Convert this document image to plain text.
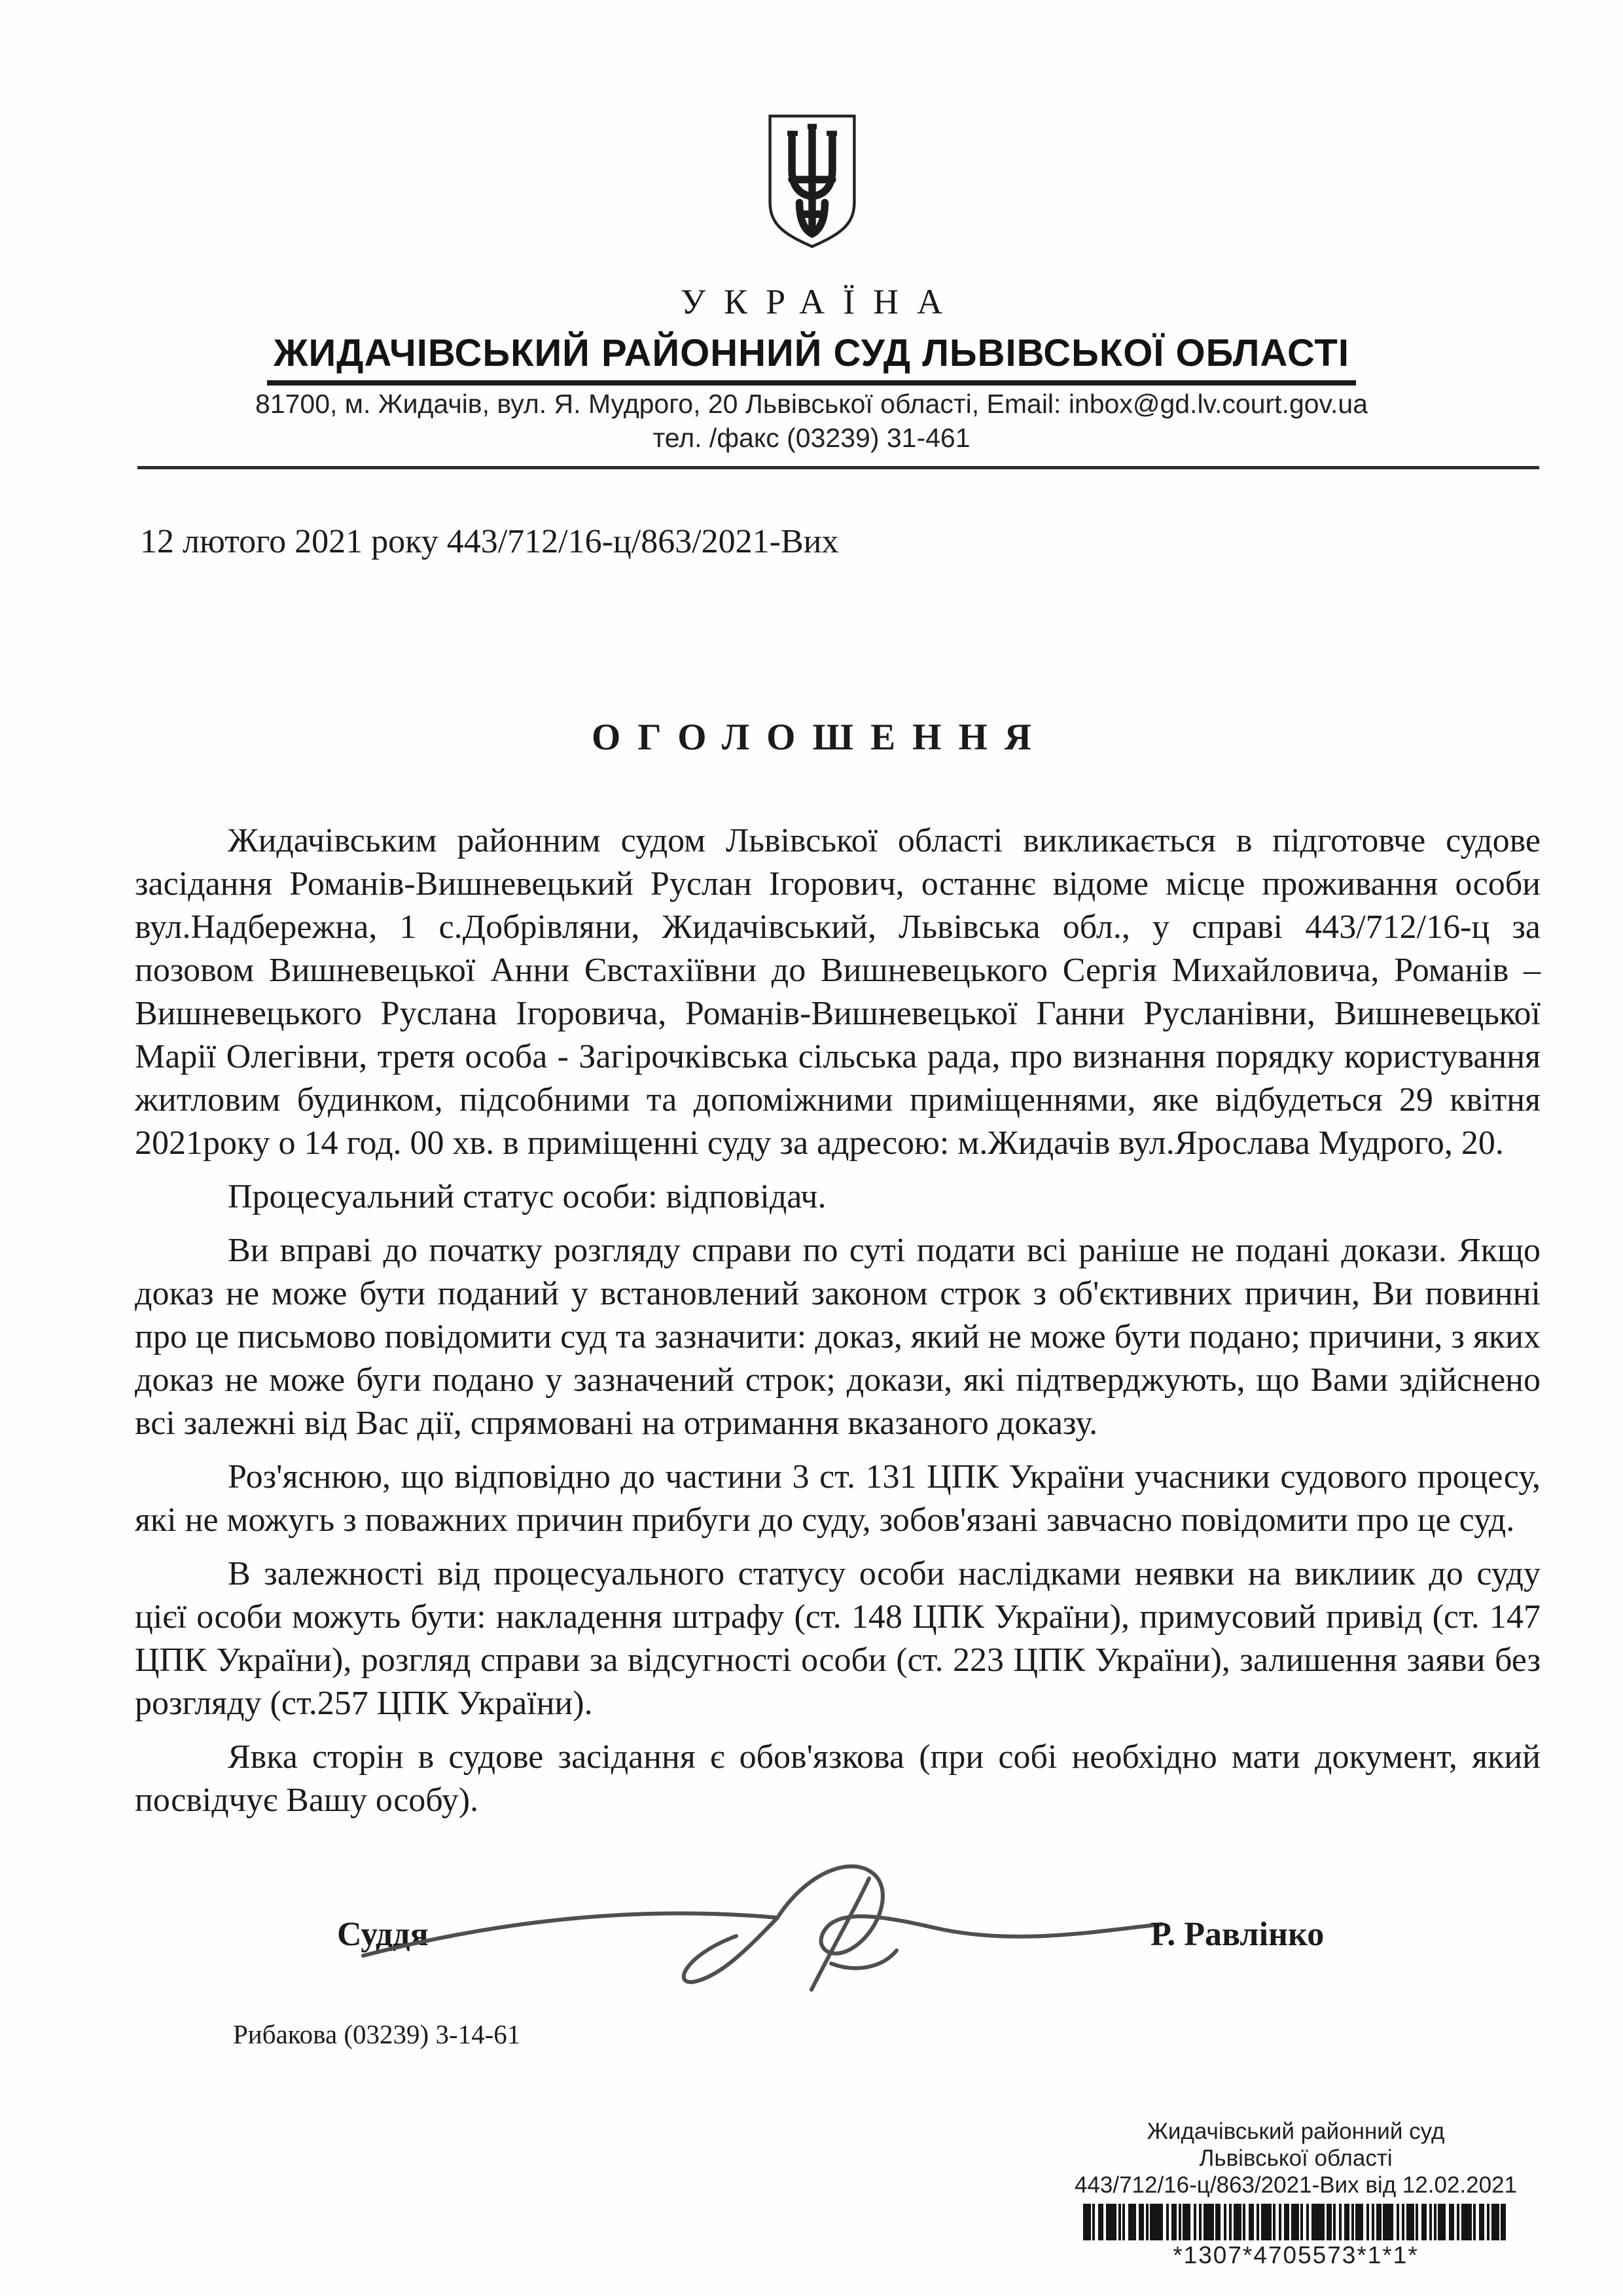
УКРАЇНА
ЖИДАЧІВСЬКИЙ РАЙОННИЙ СУД ЛЬВІВСЬКОЇ ОБЛАСТІ
81700, м. Жидачів, вул. Я. Мудрого, 20 Львівської області, Email: inbox@gd.lv.court.gov.ua
тел. /факс (03239) 31-461
12 лютого 2021 року 443/712/16-ц/863/2021-Вих
ОГОЛОШЕННЯ

Жидачівським районним судом Львівської області викликається в підготовче судове засідання Романів-Вишневецький Руслан Ігорович, останнє відоме місце проживання особи вул.Надбережна, 1 с.Добрівляни, Жидачівський, Львівська обл., у справі 443/712/16-ц за позовом Вишневецької Анни Євстахіївни до Вишневецького Сергія Михайловича, Романів – Вишневецького Руслана Ігоровича, Романів-Вишневецької Ганни Русланівни, Вишневецької Марії Олегівни, третя особа - Загірочківська сільська рада, про визнання порядку користування житловим будинком, підсобними та допоміжними приміщеннями, яке відбудеться 29 квітня 2021року о 14 год. 00 хв. в приміщенні суду за адресою: м.Жидачів вул.Ярослава Мудрого, 20.

Процесуальний статус особи: відповідач.

Ви вправі до початку розгляду справи по суті подати всі раніше не подані докази. Якщо доказ не може бути поданий у встановлений законом строк з об'єктивних причин, Ви повинні про це письмово повідомити суд та зазначити: доказ, який не може бути подано; причини, з яких доказ не може буги подано у зазначений строк; докази, які підтверджують, що Вами здійснено всі залежні від Вас дії, спрямовані на отримання вказаного доказу.

Роз'яснюю, що відповідно до частини 3 ст. 131 ЦПК України учасники судового процесу, які не можугь з поважних причин прибуги до суду, зобов'язані завчасно повідомити про це суд.

В залежності від процесуального статусу особи наслідками неявки на виклиик до суду цієї особи можуть бути: накладення штрафу (ст. 148 ЦПК України), примусовий привід (ст. 147 ЦПК України), розгляд справи за відсугності особи (ст. 223 ЦПК України), залишення заяви без розгляду (ст.257 ЦПК України).

Явка сторін в судове засідання є обов'язкова (при собі необхідно мати документ, який посвідчує Вашу особу).

Суддя	Р. Равлінко
Рибакова (03239) 3-14-61
Жидачівський районний суд
Львівської області
443/712/16-ц/863/2021-Вих від 12.02.2021
*1307*4705573*1*1*
